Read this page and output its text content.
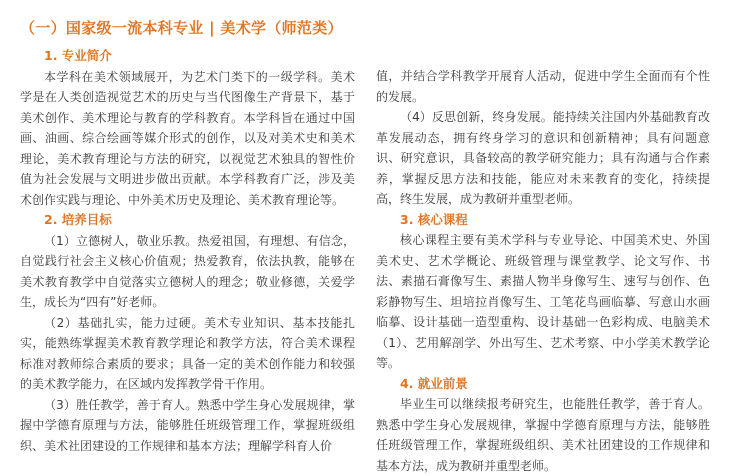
（一）国家级一流本科专业 | 美术学（师范类）
1. 专业简介

本学科在美术领域展开，为艺术门类下的一级学科。美术学是在人类创造视觉艺术的历史与当代图像生产背景下，基于美术创作、美术理论与教育的学科教育。本学科旨在通过中国画、油画、综合绘画等媒介形式的创作，以及对美术史和美术理论，美术教育理论与方法的研究，以视觉艺术独具的智性价值为社会发展与文明进步做出贡献。本学科教育广泛，涉及美术创作实践与理论、中外美术历史及理论、美术教育理论等。

2. 培养目标

（1）立德树人，敬业乐教。热爱祖国，有理想、有信念，自觉践行社会主义核心价值观；热爱教育，依法执教，能够在美术教育教学中自觉落实立德树人的理念；敬业修德，关爱学生，成长为“四有”好老师。

（2）基础扎实，能力过硬。美术专业知识、基本技能扎实，能熟练掌握美术教育教学理论和教学方法，符合美术课程标准对教师综合素质的要求；具备一定的美术创作能力和较强的美术教学能力，在区域内发挥教学骨干作用。

（3）胜任教学，善于育人。熟悉中学生身心发展规律，掌握中学德育原理与方法，能够胜任班级管理工作，掌握班级组织、美术社团建设的工作规律和基本方法；理解学科育人价

值，并结合学科教学开展育人活动，促进中学生全面而有个性的发展。

（4）反思创新，终身发展。能持续关注国内外基础教育改革发展动态，拥有终身学习的意识和创新精神；具有问题意识、研究意识，具备较高的教学研究能力；具有沟通与合作素养，掌握反思方法和技能，能应对未来教育的变化，持续提高，终生发展，成为教研并重型老师。

3. 核心课程

核心课程主要有美术学科与专业导论、中国美术史、外国美术史、艺术学概论、班级管理与课堂教学、论文写作、书法、素描石膏像写生、素描人物半身像写生、速写与创作、色彩静物写生、坦培拉肖像写生、工笔花鸟画临摹、写意山水画临摹、设计基础一造型重构、设计基础一色彩构成、电脑美术（1）、艺用解剖学、外出写生、艺术考察、中小学美术教学论等。

4. 就业前景

毕业生可以继续报考研究生，也能胜任教学，善于育人。熟悉中学生身心发展规律，掌握中学德育原理与方法，能够胜任班级管理工作，掌握班级组织、美术社团建设的工作规律和基本方法，成为教研并重型老师。
